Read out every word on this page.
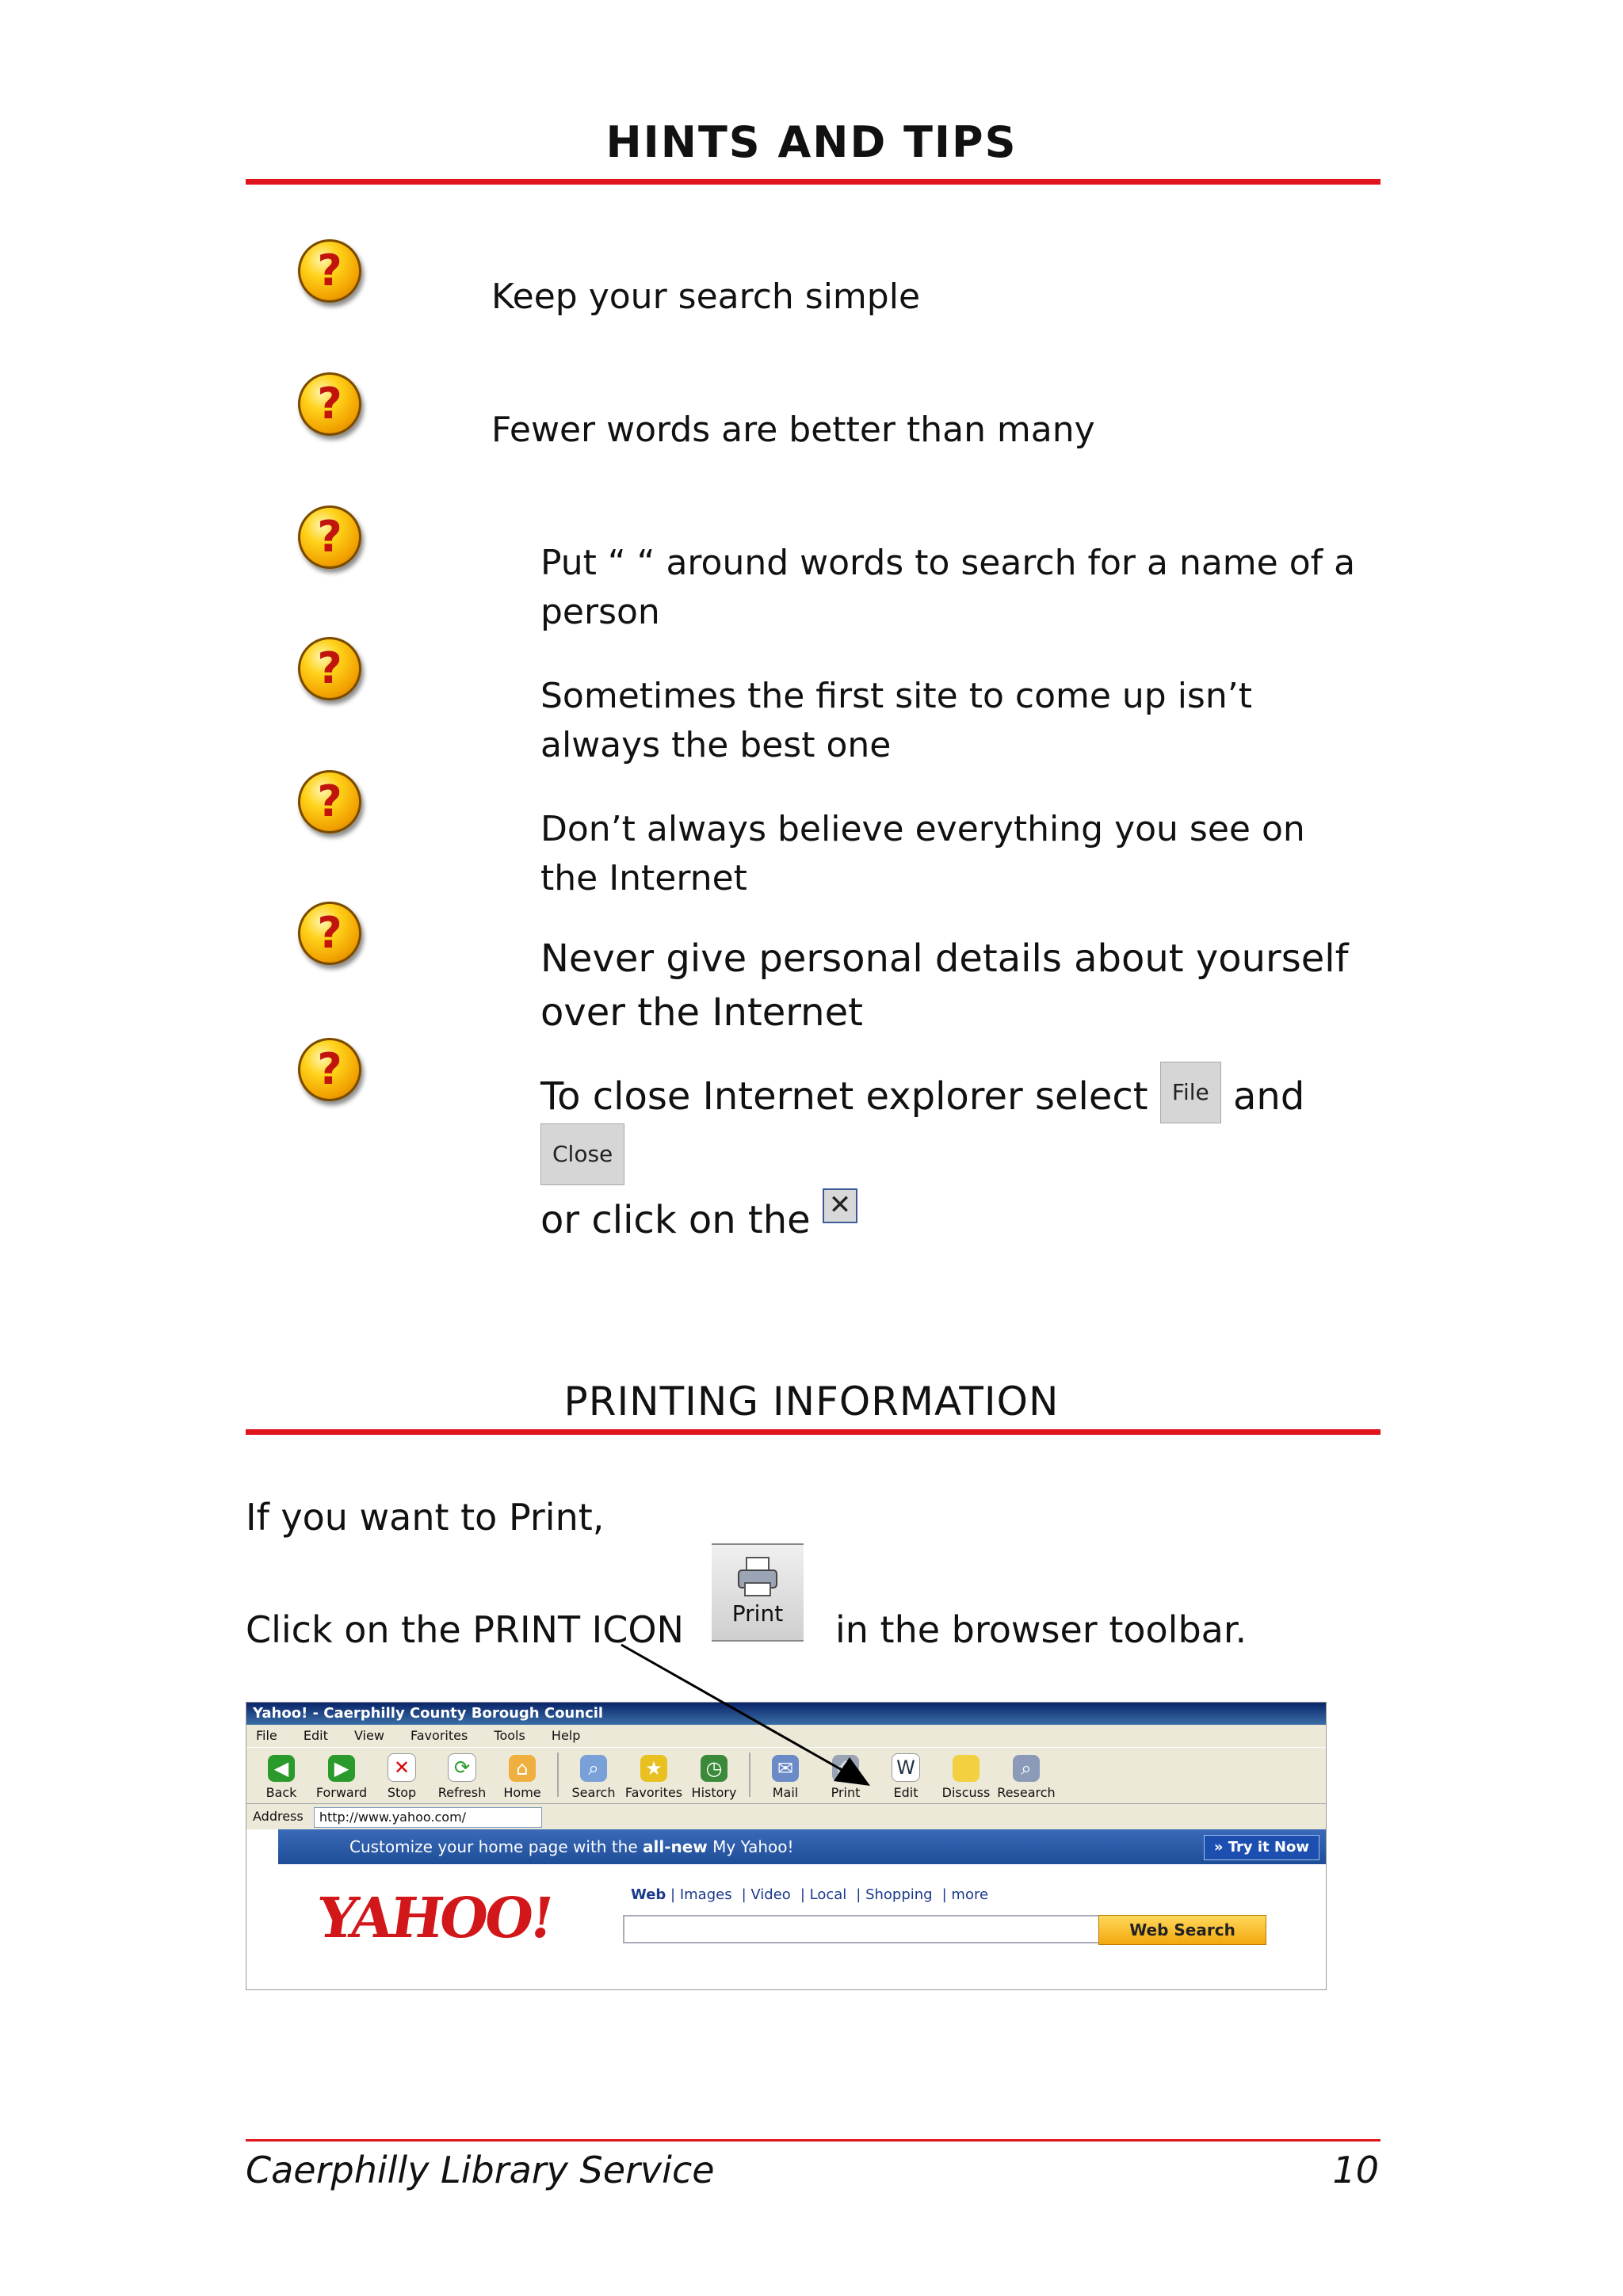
HINTS AND TIPS
?
?
?
?
?
?
?
Keep your search simple
Fewer words are better than many
Put “ “ around words to search for a name of a person
Sometimes the first site to come up isn’t always the best one
Don’t always believe everything you see on the Internet
Never give personal details about yourself over the Internet
To close Internet explorer select File and Close
or click on the ✕
PRINTING INFORMATION
If you want to Print,
Click on the PRINT ICON	Print	in the browser toolbar.
Yahoo! - Caerphilly County Borough Council
File Edit View Favorites Tools Help
◀
Back
▶
Forward
✕
Stop
⟳
Refresh
⌂
Home
⌕
Search
★
Favorites
◷
History
✉
Mail	Print
W
Edit	Discuss
⌕
Research
Address http://www.yahoo.com/
Customize your home page with the all-new My Yahoo!	» Try it Now
YAHOO!	Web | Images | Video | Local | Shopping | more
Web Search
Caerphilly Library Service	10
